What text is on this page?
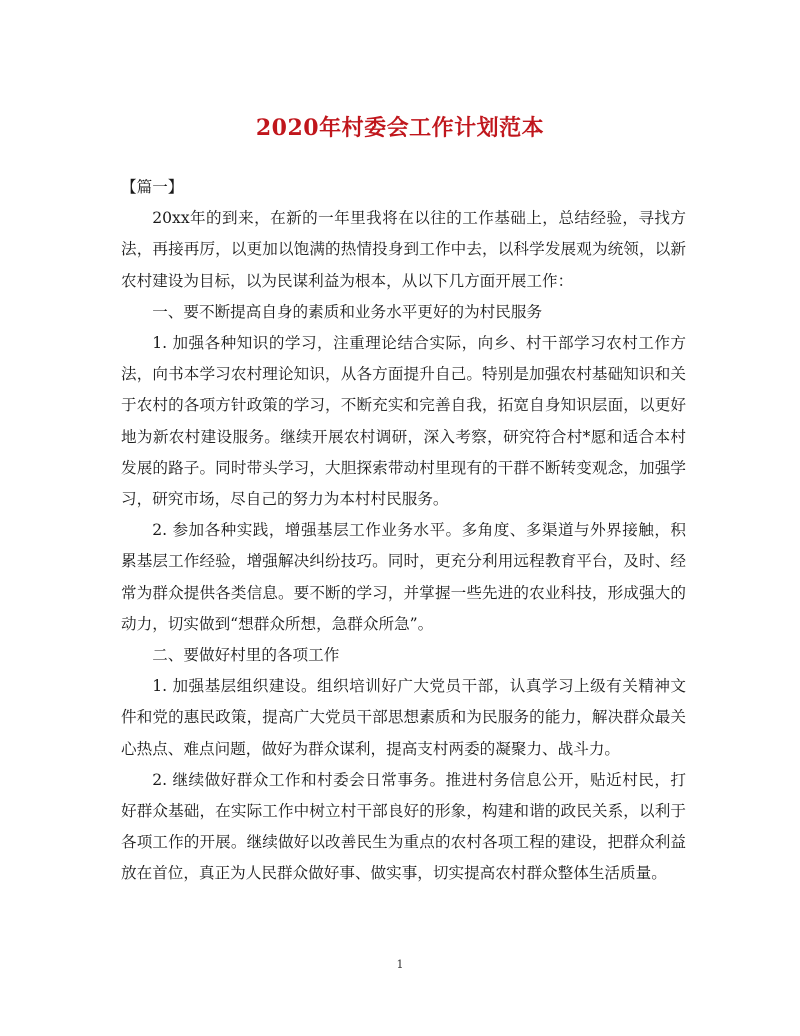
2020年村委会工作计划范本

【篇一】

20xx年的到来，在新的一年里我将在以往的工作基础上，总结经验，寻找方法，再接再厉，以更加以饱满的热情投身到工作中去，以科学发展观为统领，以新农村建设为目标，以为民谋利益为根本，从以下几方面开展工作：

一、要不断提高自身的素质和业务水平更好的为村民服务

1. 加强各种知识的学习，注重理论结合实际，向乡、村干部学习农村工作方法，向书本学习农村理论知识，从各方面提升自己。特别是加强农村基础知识和关于农村的各项方针政策的学习，不断充实和完善自我，拓宽自身知识层面，以更好地为新农村建设服务。继续开展农村调研，深入考察，研究符合村*愿和适合本村发展的路子。同时带头学习，大胆探索带动村里现有的干群不断转变观念，加强学习，研究市场，尽自己的努力为本村村民服务。

2. 参加各种实践，增强基层工作业务水平。多角度、多渠道与外界接触，积累基层工作经验，增强解决纠纷技巧。同时，更充分利用远程教育平台，及时、经常为群众提供各类信息。要不断的学习，并掌握一些先进的农业科技，形成强大的动力，切实做到“想群众所想，急群众所急”。

二、要做好村里的各项工作

1. 加强基层组织建设。组织培训好广大党员干部，认真学习上级有关精神文件和党的惠民政策，提高广大党员干部思想素质和为民服务的能力，解决群众最关心热点、难点问题，做好为群众谋利，提高支村两委的凝聚力、战斗力。

2. 继续做好群众工作和村委会日常事务。推进村务信息公开，贴近村民，打好群众基础，在实际工作中树立村干部良好的形象，构建和谐的政民关系，以利于各项工作的开展。继续做好以改善民生为重点的农村各项工程的建设，把群众利益放在首位，真正为人民群众做好事、做实事，切实提高农村群众整体生活质量。

1
